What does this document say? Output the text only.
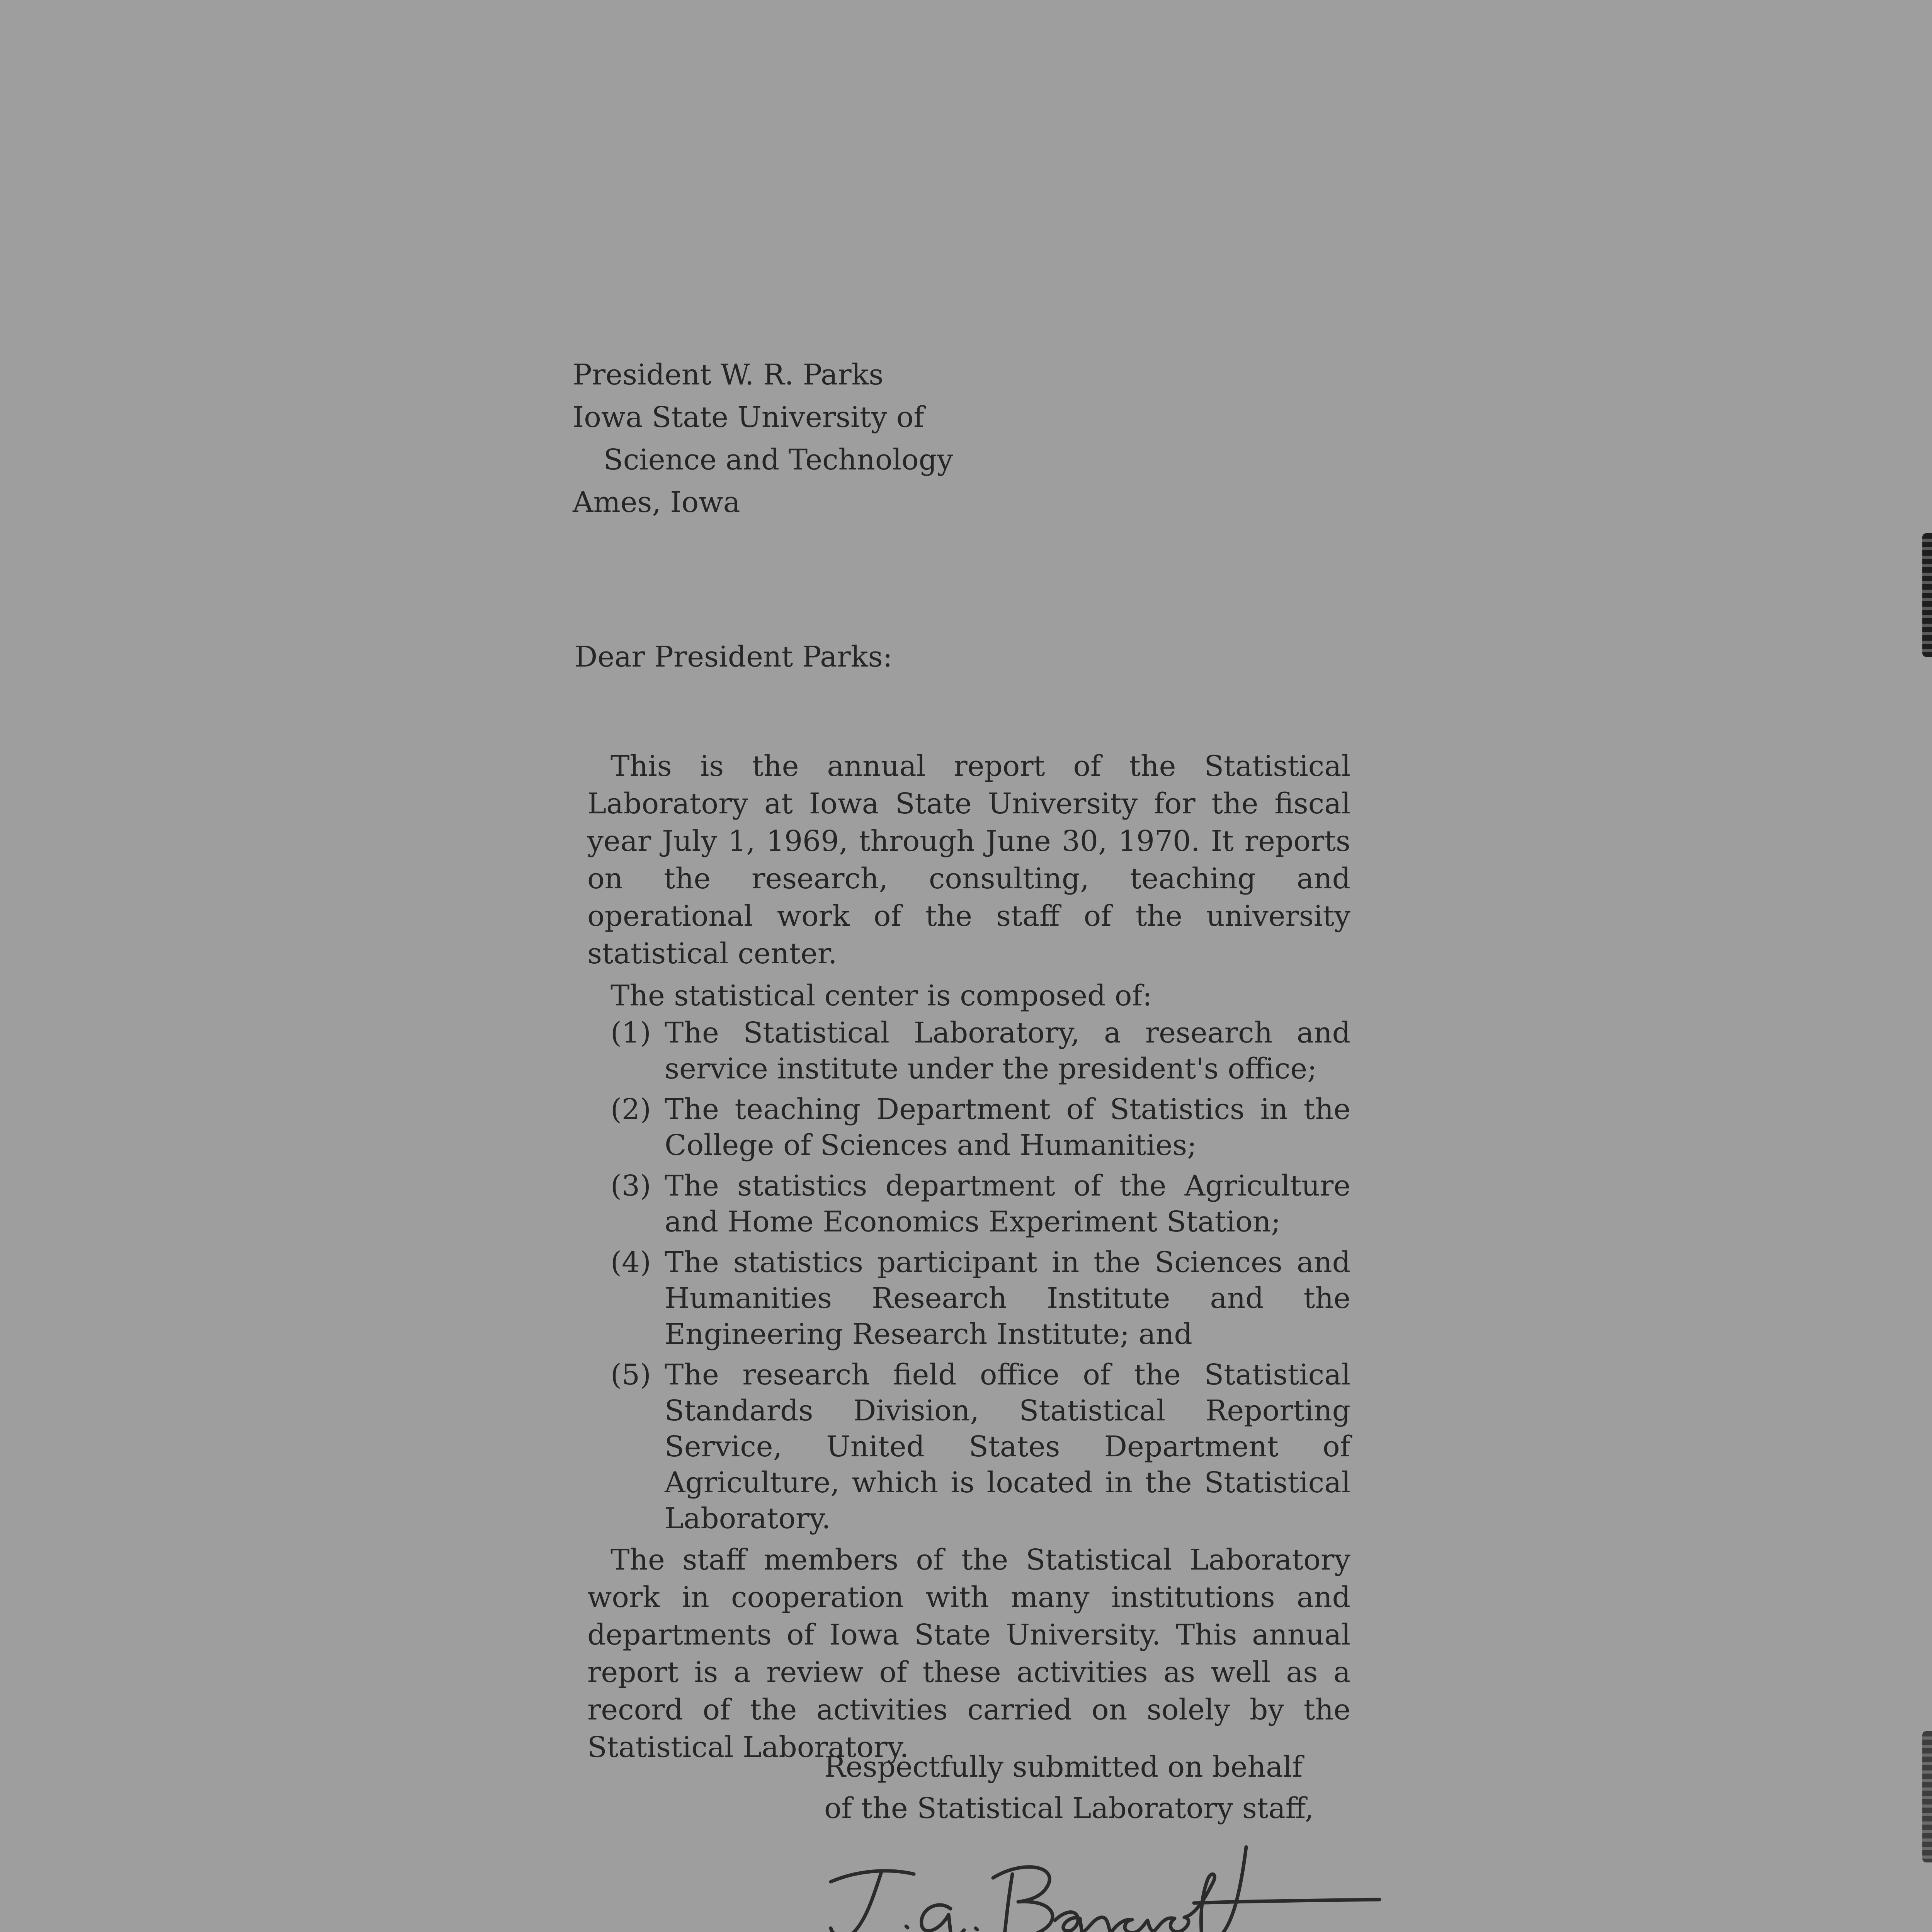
President W. R. Parks
Iowa State University of
Science and Technology
Ames, Iowa
Dear President Parks:

This is the annual report of the Statistical Laboratory at Iowa State University for the fiscal year July 1, 1969, through June 30, 1970. It reports on the research, consulting, teaching and operational work of the staff of the university statistical center.

The statistical center is composed of:

(1) The Statistical Laboratory, a research and service institute under the president's office;
(2) The teaching Department of Statistics in the College of Sciences and Humanities;
(3) The statistics department of the Agriculture and Home Economics Experiment Station;
(4) The statistics participant in the Sciences and Humanities Research Institute and the Engineering Research Institute; and
(5) The research field office of the Statistical Standards Division, Statistical Reporting Service, United States Department of Agriculture, which is located in the Statistical Laboratory.

The staff members of the Statistical Laboratory work in cooperation with many institutions and departments of Iowa State University. This annual report is a review of these activities as well as a record of the activities carried on solely by the Statistical Laboratory.

Respectfully submitted on behalf
of the Statistical Laboratory staff,
